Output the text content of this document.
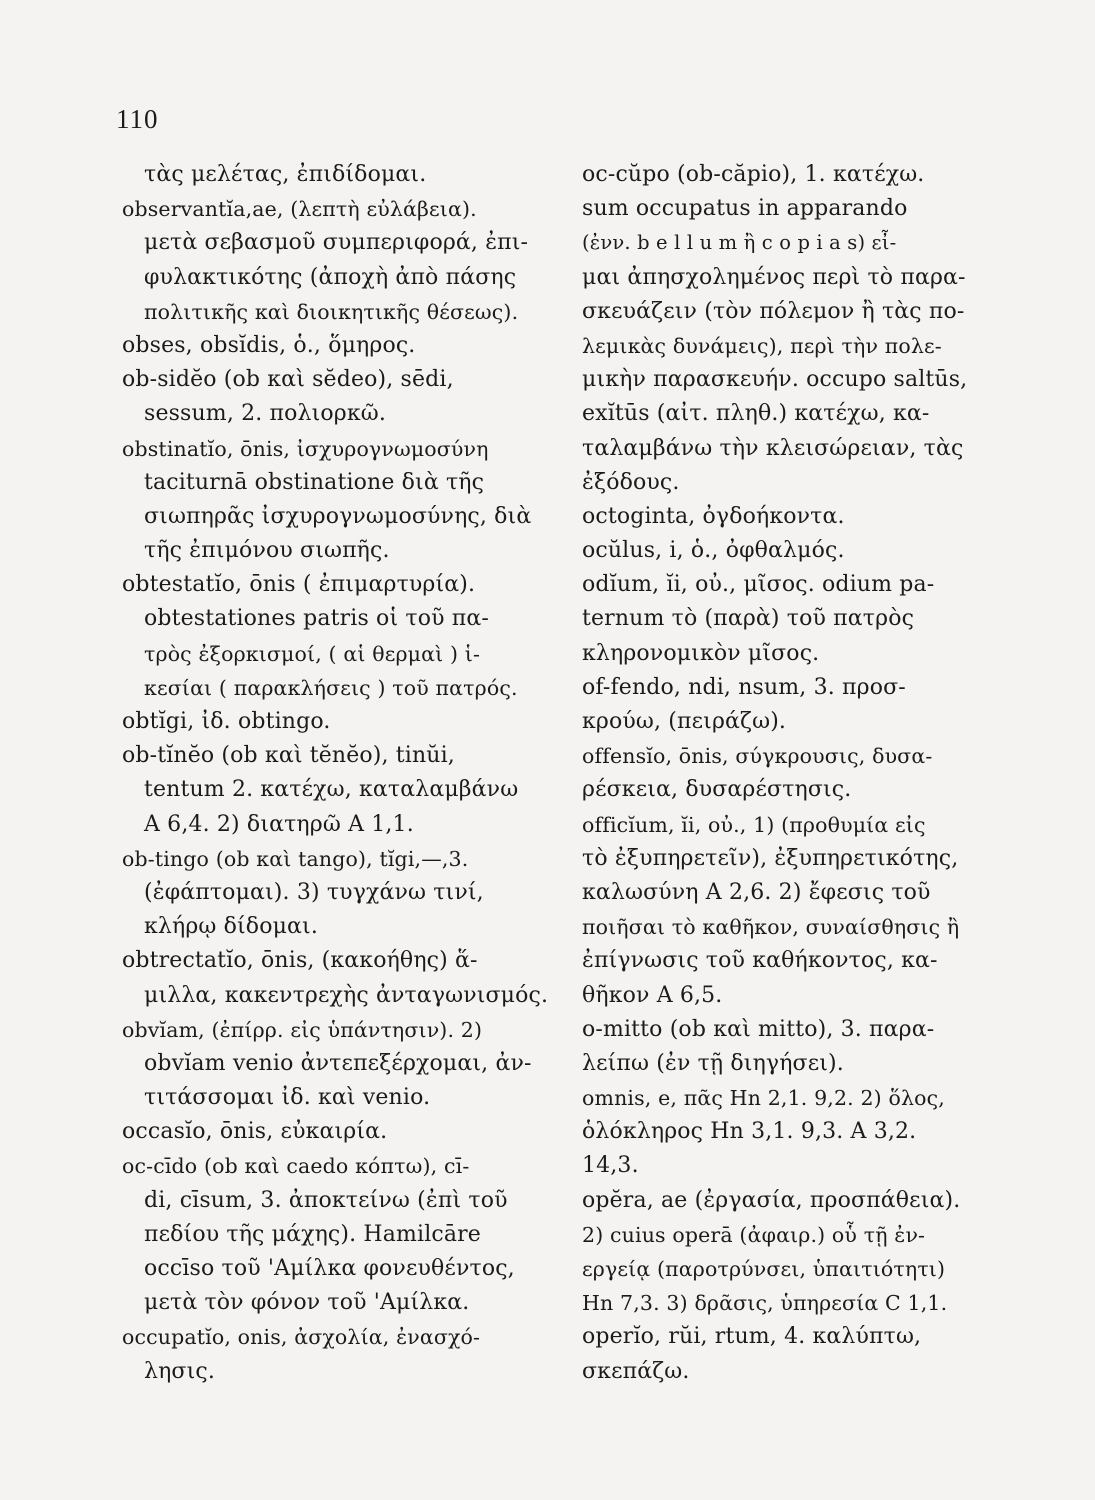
110
τὰς μελέτας, ἐπιδίδομαι.
observantĭa,ae, (λεπτὴ εὐλάβεια).
μετὰ σεβασμοῦ συμπεριφορά, ἐπι-
φυλακτικότης (ἀποχὴ ἀπὸ πάσης
πολιτικῆς καὶ διοικητικῆς θέσεως).
obses, obsĭdis, ὁ., ὅμηρος.
ob-sidĕo (ob καὶ sĕdeo), sēdi,
sessum, 2. πολιορκῶ.
obstinatĭo, ōnis, ἰσχυρογνωμοσύνη
taciturnā obstinatione διὰ τῆς
σιωπηρᾶς ἰσχυρογνωμοσύνης, διὰ
τῆς ἐπιμόνου σιωπῆς.
obtestatĭo, ōnis ( ἐπιμαρτυρία).
obtestationes patris οἱ τοῦ πα-
τρὸς ἐξορκισμοί, ( αἱ θερμαὶ ) ἱ-
κεσίαι ( παρακλήσεις ) τοῦ πατρός.
obtĭgi, ἰδ. obtingo.
ob-tĭnĕo (ob καὶ tĕnĕo), tinŭi,
tentum 2. κατέχω, καταλαμβάνω
A 6,4. 2) διατηρῶ A 1,1.
ob-tingo (ob καὶ tango), tĭgi,—,3.
(ἐφάπτομαι). 3) τυγχάνω τινί,
κλήρῳ δίδομαι.
obtrectatĭo, ōnis, (κακοήθης) ἅ-
μιλλα, κακεντρεχὴς ἀνταγωνισμός.
obvĭam, (ἐπίρρ. εἰς ὑπάντησιν). 2)
obvĭam venio ἀντεπεξέρχομαι, ἀν-
τιτάσσομαι ἰδ. καὶ venio.
occasĭo, ōnis, εὐκαιρία.
oc-cīdo (ob καὶ caedo κόπτω), cī-
di, cīsum, 3. ἀποκτείνω (ἐπὶ τοῦ
πεδίου τῆς μάχης). Hamilcāre
occīso τοῦ 'Αμίλκα φονευθέντος,
μετὰ τὸν φόνον τοῦ 'Αμίλκα.
occupatĭo, onis, ἀσχολία, ἐνασχό-
λησις.
oc-cŭpo (ob-căpio), 1. κατέχω.
sum occupatus in apparando
(ἐνν. b e l l u m ἢ c o p i a s) εἶ-
μαι ἀπησχολημένος περὶ τὸ παρα-
σκευάζειν (τὸν πόλεμον ἢ τὰς πο-
λεμικὰς δυνάμεις), περὶ τὴν πολε-
μικὴν παρασκευήν. occupo saltūs,
exĭtūs (αἰτ. πληθ.) κατέχω, κα-
ταλαμβάνω τὴν κλεισώρειαν, τὰς
ἐξόδους.
octoginta, ὀγδοήκοντα.
ocŭlus, i, ὁ., ὀφθαλμός.
odĭum, ĭi, οὐ., μῖσος. odium pa-
ternum τὸ (παρὰ) τοῦ πατρὸς
κληρονομικὸν μῖσος.
of-fendo, ndi, nsum, 3. προσ-
κρούω, (πειράζω).
offensĭo, ōnis, σύγκρουσις, δυσα-
ρέσκεια, δυσαρέστησις.
officĭum, ĭi, οὐ., 1) (προθυμία εἰς
τὸ ἐξυπηρετεῖν), ἐξυπηρετικότης,
καλωσύνη A 2,6. 2) ἔφεσις τοῦ
ποιῆσαι τὸ καθῆκον, συναίσθησις ἢ
ἐπίγνωσις τοῦ καθήκοντος, κα-
θῆκον A 6,5.
o-mitto (ob καὶ mitto), 3. παρα-
λείπω (ἐν τῇ διηγήσει).
omnis, e, πᾶς Hn 2,1. 9,2. 2) ὅλος,
ὁλόκληρος Hn 3,1. 9,3. A 3,2.
14,3.
opĕra, ae (ἐργασία, προσπάθεια).
2) cuius operā (ἀφαιρ.) οὗ τῇ ἐν-
εργείᾳ (παροτρύνσει, ὑπαιτιότητι)
Hn 7,3. 3) δρᾶσις, ὑπηρεσία C 1,1.
operĭo, rŭi, rtum, 4. καλύπτω,
σκεπάζω.
